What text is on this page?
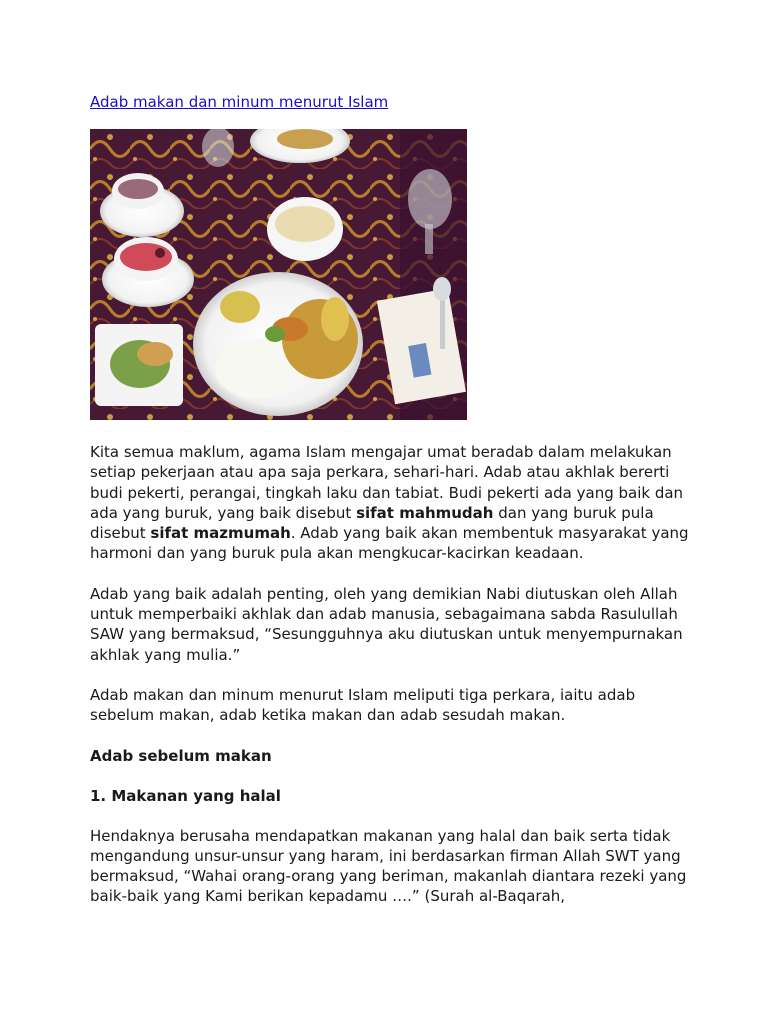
Adab makan dan minum menurut Islam

Kita semua maklum, agama Islam mengajar umat beradab dalam melakukan setiap pekerjaan atau apa saja perkara, sehari-hari. Adab atau akhlak bererti budi pekerti, perangai, tingkah laku dan tabiat. Budi pekerti ada yang baik dan ada yang buruk, yang baik disebut sifat mahmudah dan yang buruk pula disebut sifat mazmumah. Adab yang baik akan membentuk masyarakat yang harmoni dan yang buruk pula akan mengkucar-kacirkan keadaan.

Adab yang baik adalah penting, oleh yang demikian Nabi diutuskan oleh Allah untuk memperbaiki akhlak dan adab manusia, sebagaimana sabda Rasulullah SAW yang bermaksud, “Sesungguhnya aku diutuskan untuk menyempurnakan akhlak yang mulia.”

Adab makan dan minum menurut Islam meliputi tiga perkara, iaitu adab sebelum makan, adab ketika makan dan adab sesudah makan.

Adab sebelum makan

1. Makanan yang halal

Hendaknya berusaha mendapatkan makanan yang halal dan baik serta tidak mengandung unsur-unsur yang haram, ini berdasarkan firman Allah SWT yang bermaksud, “Wahai orang-orang yang beriman, makanlah diantara rezeki yang baik-baik yang Kami berikan kepadamu ….” (Surah al-Baqarah,
